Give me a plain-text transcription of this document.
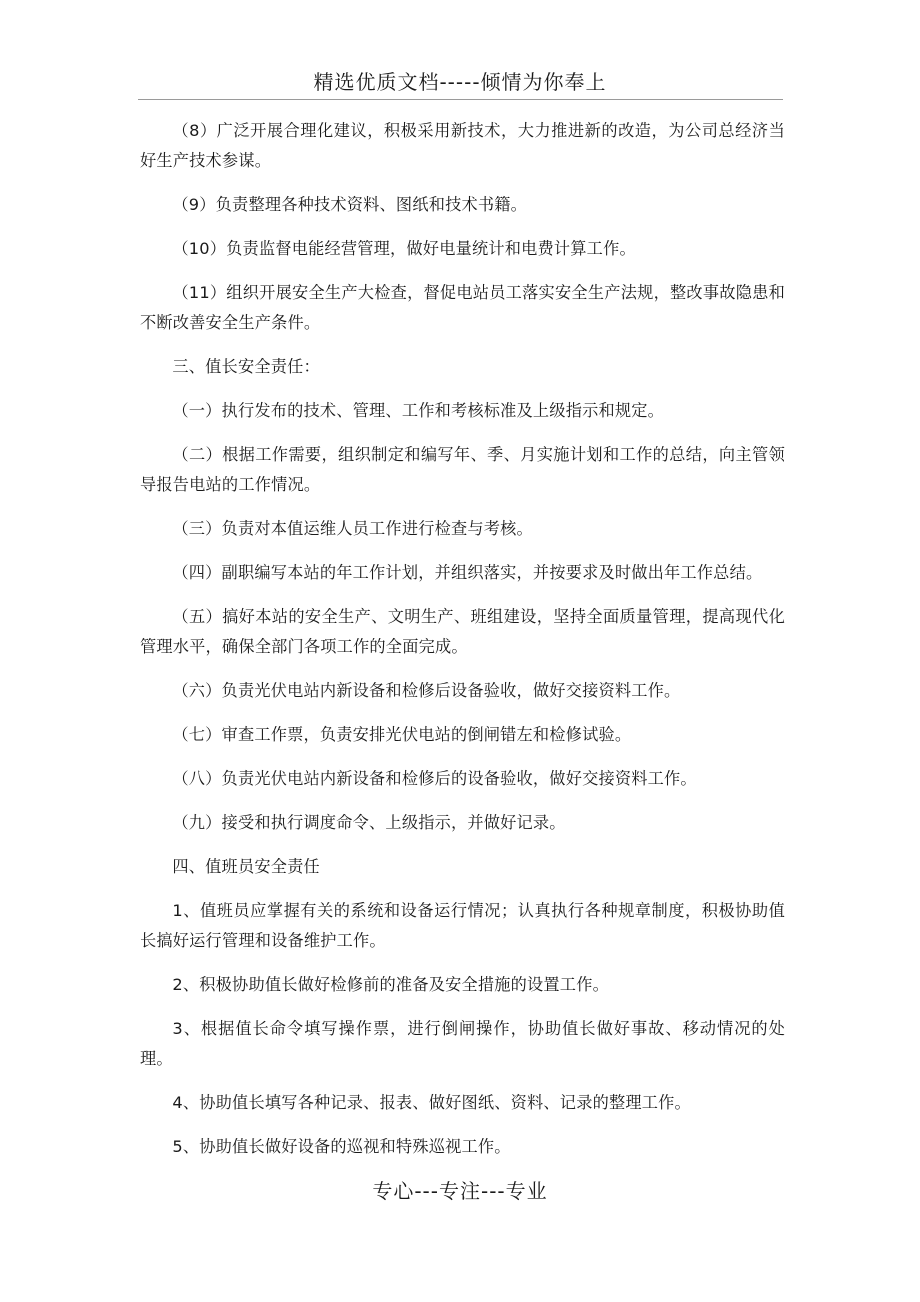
精选优质文档-----倾情为你奉上

（8）广泛开展合理化建议，积极采用新技术，大力推进新的改造，为公司总经济当好生产技术参谋。

（9）负责整理各种技术资料、图纸和技术书籍。

（10）负责监督电能经营管理，做好电量统计和电费计算工作。

（11）组织开展安全生产大检查，督促电站员工落实安全生产法规，整改事故隐患和不断改善安全生产条件。

三、值长安全责任：

（一）执行发布的技术、管理、工作和考核标准及上级指示和规定。

（二）根据工作需要，组织制定和编写年、季、月实施计划和工作的总结，向主管领导报告电站的工作情况。

（三）负责对本值运维人员工作进行检查与考核。

（四）副职编写本站的年工作计划，并组织落实，并按要求及时做出年工作总结。

（五）搞好本站的安全生产、文明生产、班组建设，坚持全面质量管理，提高现代化管理水平，确保全部门各项工作的全面完成。

（六）负责光伏电站内新设备和检修后设备验收，做好交接资料工作。

（七）审查工作票，负责安排光伏电站的倒闸错左和检修试验。

（八）负责光伏电站内新设备和检修后的设备验收，做好交接资料工作。

（九）接受和执行调度命令、上级指示，并做好记录。

四、值班员安全责任

1、值班员应掌握有关的系统和设备运行情况；认真执行各种规章制度，积极协助值长搞好运行管理和设备维护工作。

2、积极协助值长做好检修前的准备及安全措施的设置工作。

3、根据值长命令填写操作票，进行倒闸操作，协助值长做好事故、移动情况的处理。

4、协助值长填写各种记录、报表、做好图纸、资料、记录的整理工作。

5、协助值长做好设备的巡视和特殊巡视工作。

专心---专注---专业
